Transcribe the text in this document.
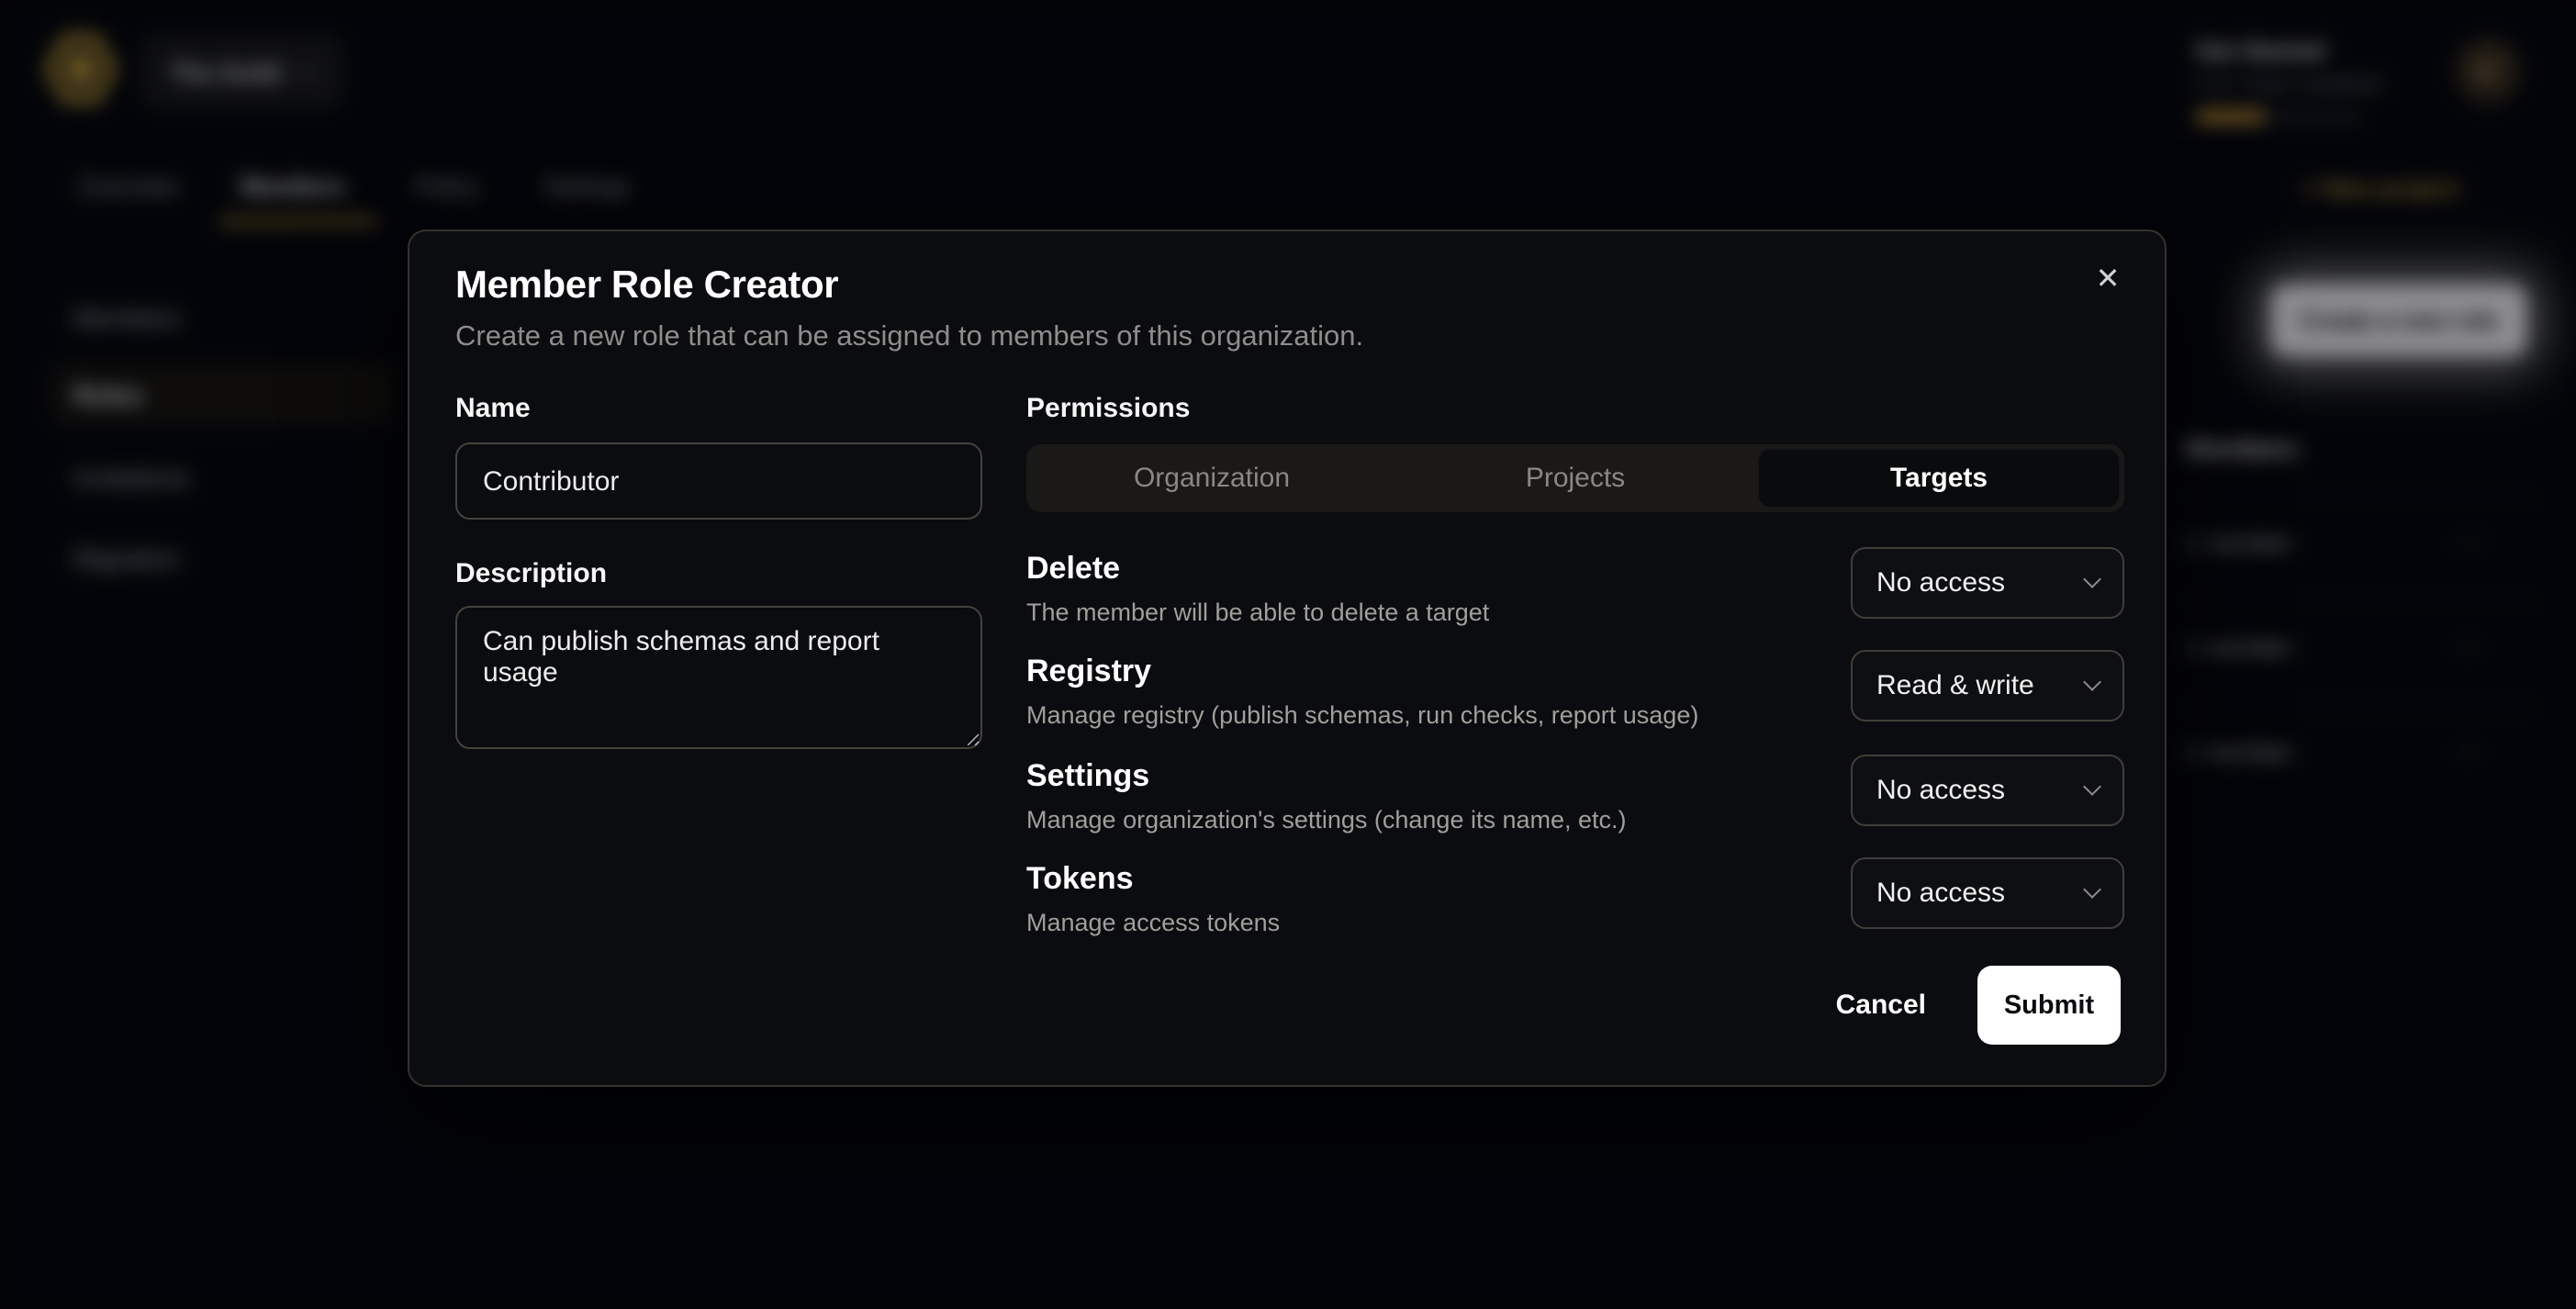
The Guild
Get Started
4 of 7 steps completed
▴
Overview	Members	Policy	Settings	+ New project
Members
Roles
Invitations
Migration
Create a new role
Members
1 member	⋯
1 member	⋯
1 member	⋯
✕
Member Role Creator

Create a new role that can be assigned to members of this organization.

Name
Contributor
Description
Can publish schemas and report usage
Permissions
Organization	Projects	Targets
Delete
The member will be able to delete a target
No access
Registry
Manage registry (publish schemas, run checks, report usage)
Read & write
Settings
Manage organization's settings (change its name, etc.)
No access
Tokens
Manage access tokens
No access
Cancel	Submit
